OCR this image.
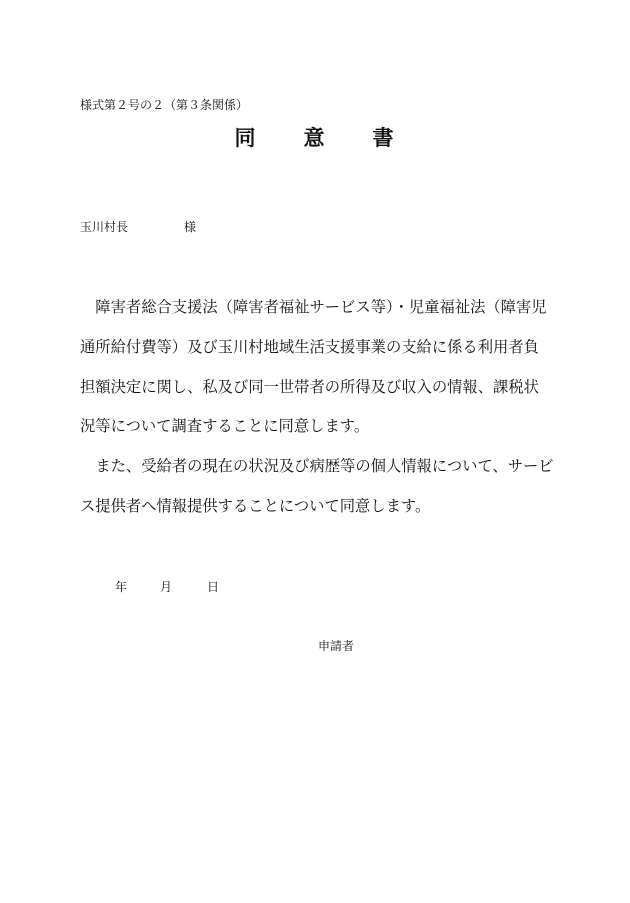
様式第２号の２（第３条関係）
同　　意　　書
玉川村長	様

　障害者総合支援法（障害者福祉サービス等）・児童福祉法（障害児

通所給付費等）及び玉川村地域生活支援事業の支給に係る利用者負

担額決定に関し、私及び同一世帯者の所得及び収入の情報、課税状

況等について調査することに同意します。

　また、受給者の現在の状況及び病歴等の個人情報について、サービ

ス提供者へ情報提供することについて同意します。

年	月	日
申請者
